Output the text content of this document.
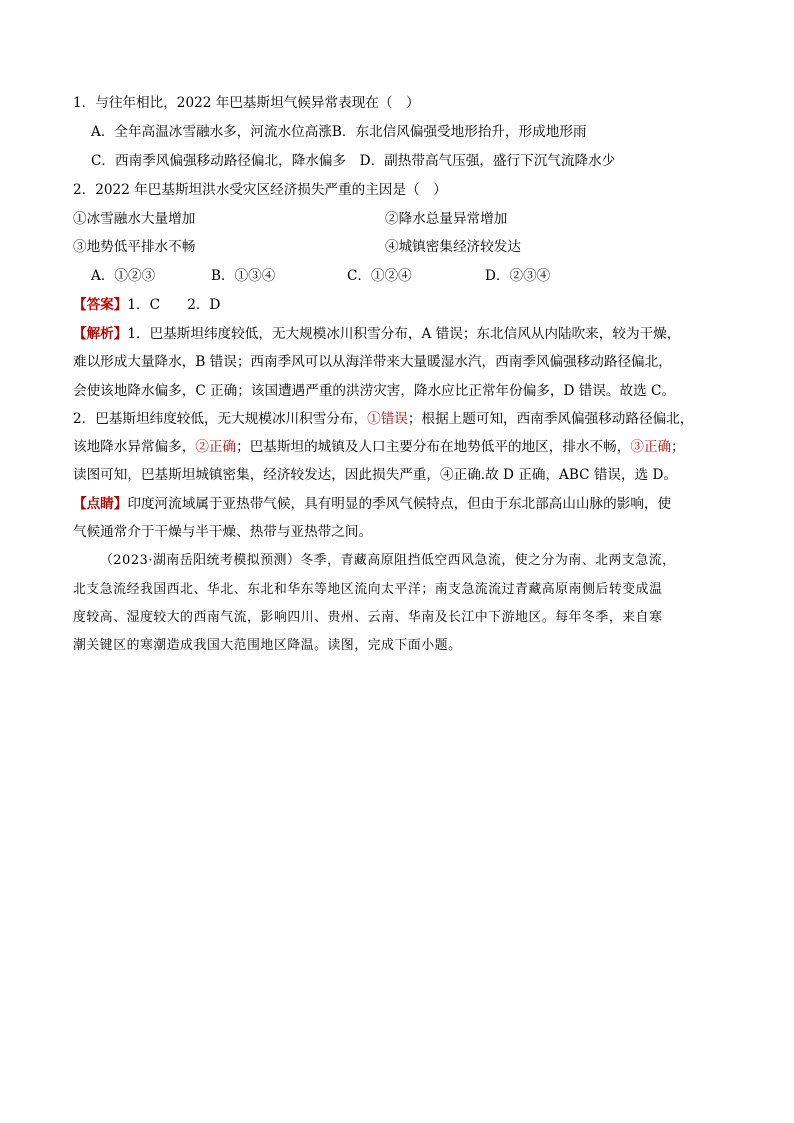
1．与往年相比，2022 年巴基斯坦气候异常表现在（　）
A．全年高温冰雪融水多，河流水位高涨B．东北信风偏强受地形抬升，形成地形雨
C．西南季风偏强移动路径偏北，降水偏多　D．副热带高气压强，盛行下沉气流降水少
2．2022 年巴基斯坦洪水受灾区经济损失严重的主因是（　）
①冰雪融水大量增加	②降水总量异常增加
③地势低平排水不畅	④城镇密集经济较发达
A．①②③	B．①③④	C．①②④	D．②③④
【答案】1．C　　2．D
【解析】1．巴基斯坦纬度较低，无大规模冰川积雪分布，A 错误；东北信风从内陆吹来，较为干燥，
难以形成大量降水，B 错误；西南季风可以从海洋带来大量暖湿水汽，西南季风偏强移动路径偏北，
会使该地降水偏多，C 正确；该国遭遇严重的洪涝灾害，降水应比正常年份偏多，D 错误。故选 C。
2．巴基斯坦纬度较低，无大规模冰川积雪分布，①错误；根据上题可知，西南季风偏强移动路径偏北，
该地降水异常偏多，②正确；巴基斯坦的城镇及人口主要分布在地势低平的地区，排水不畅，③正确；
读图可知，巴基斯坦城镇密集，经济较发达，因此损失严重，④正确.故 D 正确，ABC 错误，选 D。
【点睛】印度河流域属于亚热带气候，具有明显的季风气候特点，但由于东北部高山山脉的影响，使
气候通常介于干燥与半干燥、热带与亚热带之间。
（2023·湖南岳阳统考模拟预测）冬季，青藏高原阻挡低空西风急流，使之分为南、北两支急流，
北支急流经我国西北、华北、东北和华东等地区流向太平洋；南支急流流过青藏高原南侧后转变成温
度较高、湿度较大的西南气流，影响四川、贵州、云南、华南及长江中下游地区。每年冬季，来自寒
潮关键区的寒潮造成我国大范围地区降温。读图，完成下面小题。
